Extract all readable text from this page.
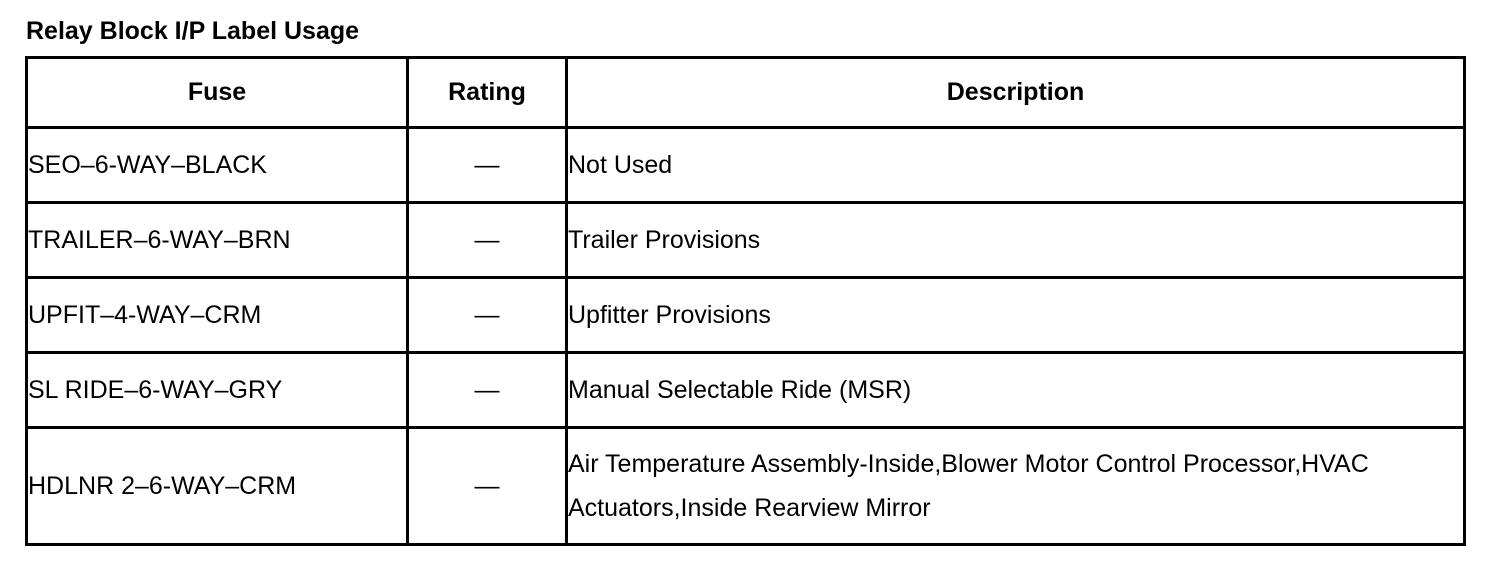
Relay Block I/P Label Usage
Fuse	Rating	Description
SEO–6-WAY–BLACK	—	Not Used
TRAILER–6-WAY–BRN	—	Trailer Provisions
UPFIT–4-WAY–CRM	—	Upfitter Provisions
SL RIDE–6-WAY–GRY	—	Manual Selectable Ride (MSR)
HDLNR 2–6-WAY–CRM	—	Air Temperature Assembly-Inside,Blower Motor Control Processor,HVAC Actuators,Inside Rearview Mirror
